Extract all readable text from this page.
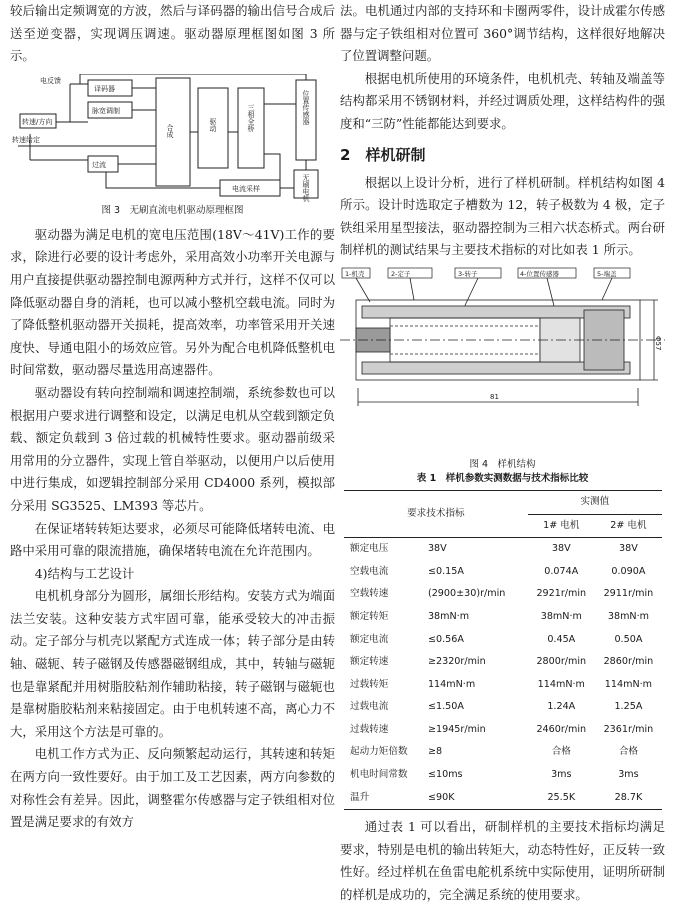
较后输出定频调宽的方波，然后与译码器的输出信号合成后送至逆变器，实现调压调速。驱动器原理框图如图 3 所示。

电反馈
译码器
脉宽调制
转速/方向
转速给定
过流
合成	驱动	三相全桥	位置传感器
电流采样	无刷电机
图 3　无刷直流电机驱动原理框图

驱动器为满足电机的宽电压范围(18V～41V)工作的要求，除进行必要的设计考虑外，采用高效小功率开关电源与用户直接提供驱动器控制电源两种方式并行，这样不仅可以降低驱动器自身的消耗，也可以减小整机空载电流。同时为了降低整机驱动器开关损耗，提高效率，功率管采用开关速度快、导通电阻小的场效应管。另外为配合电机降低整机电时间常数，驱动器尽量选用高速器件。

驱动器设有转向控制端和调速控制端，系统参数也可以根据用户要求进行调整和设定，以满足电机从空载到额定负载、额定负载到 3 倍过载的机械特性要求。驱动器前级采用常用的分立器件，实现上管自举驱动，以便用户以后使用中进行集成，如逻辑控制部分采用 CD4000 系列，模拟部分采用 SG3525、LM393 等芯片。

在保证堵转转矩达要求，必须尽可能降低堵转电流、电路中采用可靠的限流措施，确保堵转电流在允许范围内。

4)结构与工艺设计

电机机身部分为圆形，属细长形结构。安装方式为端面法兰安装。这种安装方式牢固可靠，能承受较大的冲击振动。定子部分与机壳以紧配方式连成一体；转子部分是由转轴、磁轭、转子磁钢及传感器磁钢组成，其中，转轴与磁轭也是靠紧配并用树脂胶粘剂作辅助粘接，转子磁钢与磁轭也是靠树脂胶粘剂来粘接固定。由于电机转速不高，离心力不大，采用这个方法是可靠的。

电机工作方式为正、反向频繁起动运行，其转速和转矩在两方向一致性要好。由于加工及工艺因素，两方向参数的对称性会有差异。因此，调整霍尔传感器与定子铁组相对位置是满足要求的有效方

法。电机通过内部的支持环和卡圈两零件，设计成霍尔传感器与定子铁组相对位置可 360°调节结构，这样很好地解决了位置调整问题。

根据电机所使用的环境条件，电机机壳、转轴及端盖等结构都采用不锈钢材料，并经过调质处理，这样结构件的强度和“三防”性能都能达到要求。

2  样机研制

根据以上设计分析，进行了样机研制。样机结构如图 4 所示。设计时选取定子槽数为 12，转子极数为 4 极，定子铁组采用星型接法，驱动器控制为三相六状态桥式。两台研制样机的测试结果与主要技术指标的对比如表 1 所示。

1-机壳	2-定子	3-转子	4-位置传感器	5-端盖
81
Φ57
图 4　样机结构
表 1　样机参数实测数据与技术指标比较
要求技术指标		实测值	
		1# 电机	2# 电机
额定电压	38V	38V	38V
空载电流	≤0.15A	0.074A	0.090A
空载转速	(2900±30)r/min	2921r/min	2911r/min
额定转矩	38mN·m	38mN·m	38mN·m
额定电流	≤0.56A	0.45A	0.50A
额定转速	≥2320r/min	2800r/min	2860r/min
过载转矩	114mN·m	114mN·m	114mN·m
过载电流	≤1.50A	1.24A	1.25A
过载转速	≥1945r/min	2460r/min	2361r/min
起动力矩倍数	≥8	合格	合格
机电时间常数	≤10ms	3ms	3ms
温升	≤90K	25.5K	28.7K

通过表 1 可以看出，研制样机的主要技术指标均满足要求，特别是电机的输出转矩大，动态特性好，正反转一致性好。经过样机在鱼雷电舵机系统中实际使用，证明所研制的样机是成功的，完全满足系统的使用要求。
